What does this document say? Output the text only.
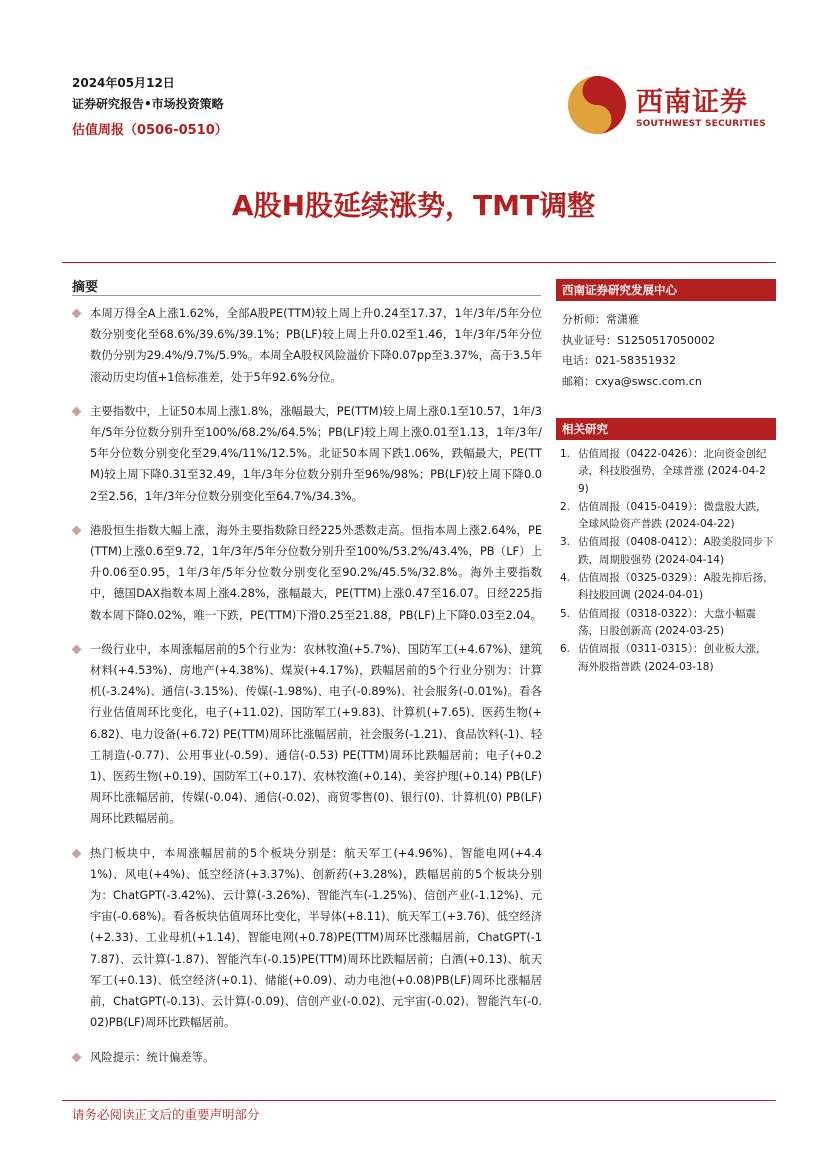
2024年05月12日
证券研究报告•市场投资策略
估值周报（0506-0510）
西南证券
SOUTHWEST SECURITIES
A股H股延续涨势，TMT调整
摘要
本周万得全A上涨1.62%，全部A股PE(TTM)较上周上升0.24至17.37，1年/3年/5年分位数分别变化至68.6%/39.6%/39.1%；PB(LF)较上周上升0.02至1.46，1年/3年/5年分位数仍分别为29.4%/9.7%/5.9%。本周全A股权风险溢价下降0.07pp至3.37%，高于3.5年滚动历史均值+1倍标准差，处于5年92.6%分位。
主要指数中，上证50本周上涨1.8%，涨幅最大，PE(TTM)较上周上涨0.1至10.57，1年/3年/5年分位数分别升至100%/68.2%/64.5%；PB(LF)较上周上涨0.01至1.13，1年/3年/5年分位数分别变化至29.4%/11%/12.5%。北证50本周下跌1.06%，跌幅最大，PE(TTM)较上周下降0.31至32.49，1年/3年分位数分别升至96%/98%；PB(LF)较上周下降0.02至2.56，1年/3年分位数分别变化至64.7%/34.3%。
港股恒生指数大幅上涨，海外主要指数除日经225外悉数走高。恒指本周上涨2.64%，PE(TTM)上涨0.6至9.72，1年/3年/5年分位数分别升至100%/53.2%/43.4%，PB（LF）上升0.06至0.95，1年/3年/5年分位数分别变化至90.2%/45.5%/32.8%。海外主要指数中，德国DAX指数本周上涨4.28%，涨幅最大，PE(TTM)上涨0.47至16.07。日经225指数本周下降0.02%，唯一下跌，PE(TTM)下滑0.25至21.88，PB(LF)上下降0.03至2.04。
一级行业中，本周涨幅居前的5个行业为：农林牧渔(+5.7%)、国防军工(+4.67%)、建筑材料(+4.53%)、房地产(+4.38%)、煤炭(+4.17%)，跌幅居前的5个行业分别为：计算机(-3.24%)、通信(-3.15%)、传媒(-1.98%)、电子(-0.89%)、社会服务(-0.01%)。看各行业估值周环比变化，电子(+11.02)、国防军工(+9.83)、计算机(+7.65)、医药生物(+6.82)、电力设备(+6.72) PE(TTM)周环比涨幅居前，社会服务(-1.21)、食品饮料(-1)、轻工制造(-0.77)、公用事业(-0.59)、通信(-0.53) PE(TTM)周环比跌幅居前；电子(+0.21)、医药生物(+0.19)、国防军工(+0.17)、农林牧渔(+0.14)、美容护理(+0.14) PB(LF)周环比涨幅居前，传媒(-0.04)、通信(-0.02)、商贸零售(0)、银行(0)、计算机(0) PB(LF)周环比跌幅居前。
热门板块中，本周涨幅居前的5个板块分别是：航天军工(+4.96%)、智能电网(+4.41%)、风电(+4%)、低空经济(+3.37%)、创新药(+3.28%)，跌幅居前的5个板块分别为：ChatGPT(-3.42%)、云计算(-3.26%)、智能汽车(-1.25%)、信创产业(-1.12%)、元宇宙(-0.68%)。看各板块估值周环比变化，半导体(+8.11)、航天军工(+3.76)、低空经济(+2.33)、工业母机(+1.14)、智能电网(+0.78)PE(TTM)周环比涨幅居前，ChatGPT(-17.87)、云计算(-1.87)、智能汽车(-0.15)PE(TTM)周环比跌幅居前；白酒(+0.13)、航天军工(+0.13)、低空经济(+0.1)、储能(+0.09)、动力电池(+0.08)PB(LF)周环比涨幅居前，ChatGPT(-0.13)、云计算(-0.09)、信创产业(-0.02)、元宇宙(-0.02)、智能汽车(-0.02)PB(LF)周环比跌幅居前。
风险提示：统计偏差等。
西南证券研究发展中心
分析师：常潇雅
执业证号：S1250517050002
电话：021-58351932
邮箱：cxya@swsc.com.cn
相关研究
1. 估值周报（0422-0426）：北向资金创纪录，科技股强势，全球普涨 (2024-04-29)
2. 估值周报（0415-0419）：微盘股大跌，全球风险资产普跌 (2024-04-22)
3. 估值周报（0408-0412）：A股美股同步下跌，周期股强势 (2024-04-14)
4. 估值周报（0325-0329）：A股先抑后扬，科技股回调 (2024-04-01)
5. 估值周报（0318-0322）：大盘小幅震荡，日股创新高 (2024-03-25)
6. 估值周报（0311-0315）：创业板大涨，海外股指普跌 (2024-03-18)
请务必阅读正文后的重要声明部分
